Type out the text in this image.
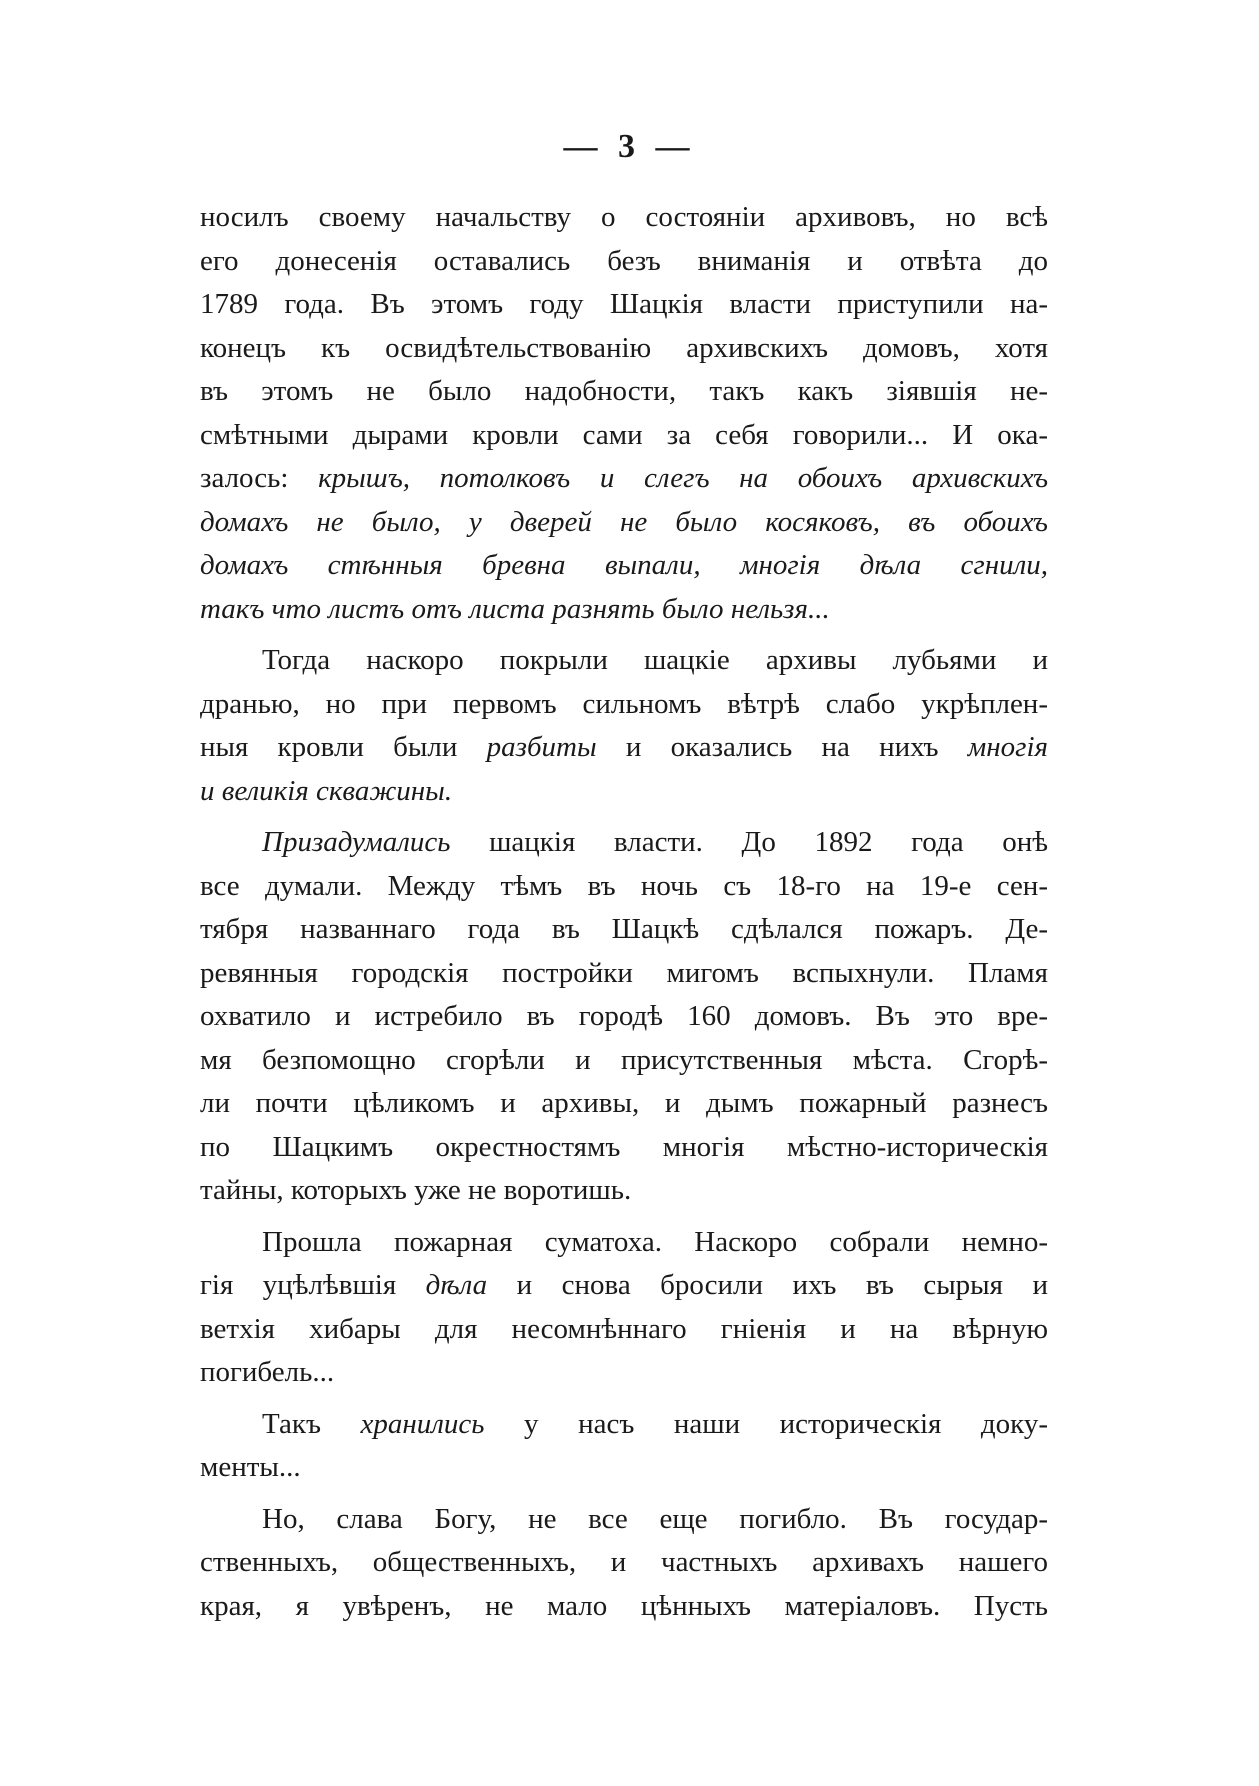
— 3 —
носилъ своему начальству о состояніи архивовъ, но всѣ
его донесенія оставались безъ вниманія и отвѣта до
1789 года. Въ этомъ году Шацкія власти приступили на-
конецъ къ освидѣтельствованію архивскихъ домовъ, хотя
въ этомъ не было надобности, такъ какъ зіявшія не-
смѣтными дырами кровли сами за себя говорили... И ока-
залось: крышъ, потолковъ и слегъ на обоихъ архивскихъ
домахъ не было, у дверей не было косяковъ, въ обоихъ
домахъ стѣнныя бревна выпали, многія дѣла сгнили,
такъ что листъ отъ листа разнять было нельзя...
Тогда наскоро покрыли шацкіе архивы лубьями и
дранью, но при первомъ сильномъ вѣтрѣ слабо укрѣплен-
ныя кровли были разбиты и оказались на нихъ многія
и великія скважины.
Призадумались шацкія власти. До 1892 года онѣ
все думали. Между тѣмъ въ ночь съ 18-го на 19-е сен-
тября названнаго года въ Шацкѣ сдѣлался пожаръ. Де-
ревянныя городскія постройки мигомъ вспыхнули. Пламя
охватило и истребило въ городѣ 160 домовъ. Въ это вре-
мя безпомощно сгорѣли и присутственныя мѣста. Сгорѣ-
ли почти цѣликомъ и архивы, и дымъ пожарный разнесъ
по Шацкимъ окрестностямъ многія мѣстно-историческія
тайны, которыхъ уже не воротишь.
Прошла пожарная суматоха. Наскоро собрали немно-
гія уцѣлѣвшія дѣла и снова бросили ихъ въ сырыя и
ветхія хибары для несомнѣннаго гніенія и на вѣрную
погибель...
Такъ хранились у насъ наши историческія доку-
менты...
Но, слава Богу, не все еще погибло. Въ государ-
ственныхъ, общественныхъ, и частныхъ архивахъ нашего
края, я увѣренъ, не мало цѣнныхъ матеріаловъ. Пусть
